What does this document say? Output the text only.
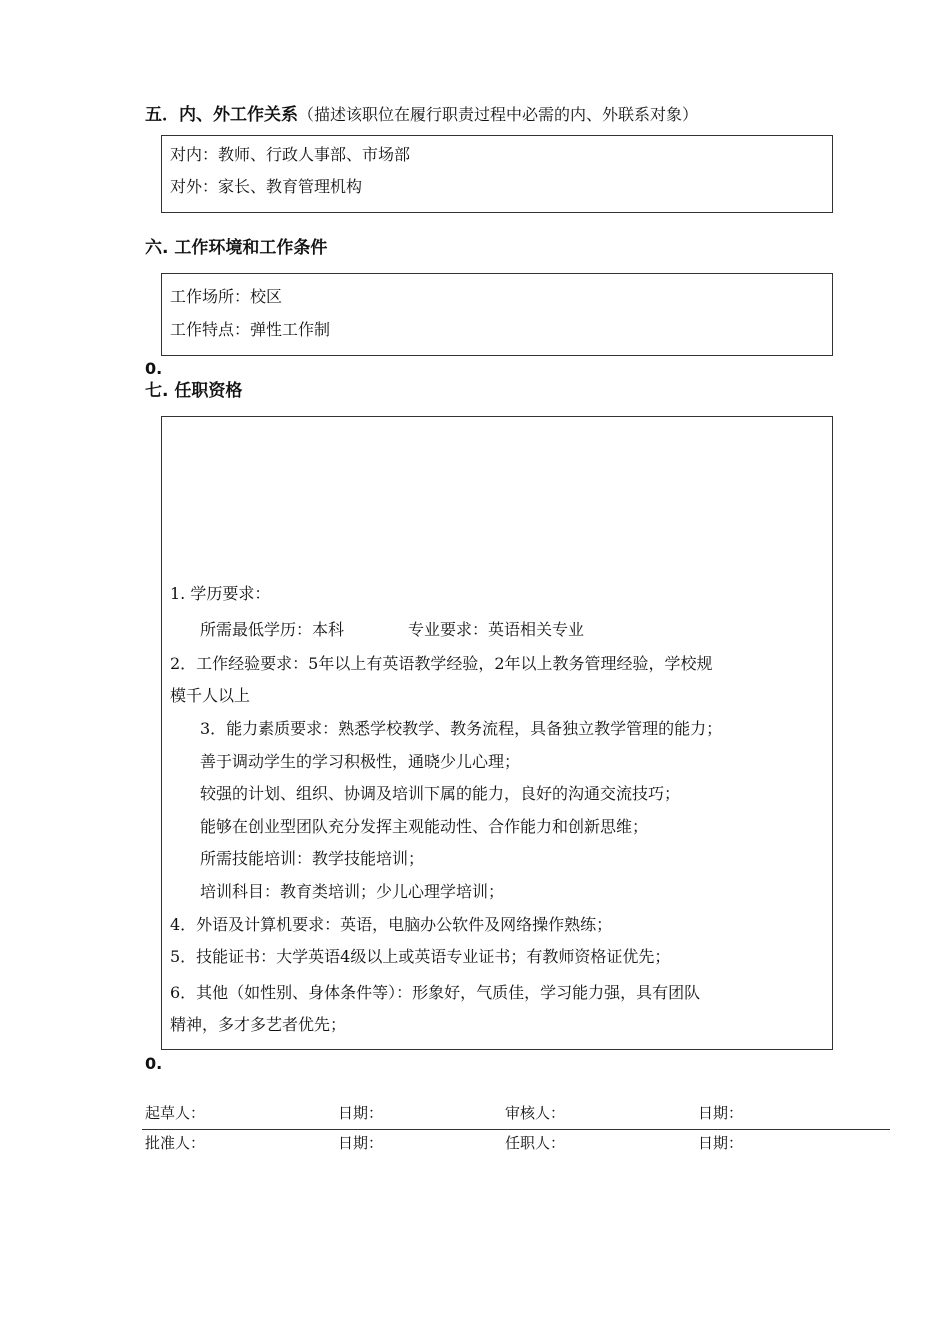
五．内、外工作关系（描述该职位在履行职责过程中必需的内、外联系对象）
对内：教师、行政人事部、市场部
对外：家长、教育管理机构
六. 工作环境和工作条件
工作场所：校区
工作特点：弹性工作制
0.
七. 任职资格
1. 学历要求：
所需最低学历：本科　　　　专业要求：英语相关专业
2．工作经验要求：5年以上有英语教学经验，2年以上教务管理经验，学校规
模千人以上
3．能力素质要求：熟悉学校教学、教务流程，具备独立教学管理的能力；
善于调动学生的学习积极性，通晓少儿心理；
较强的计划、组织、协调及培训下属的能力，良好的沟通交流技巧；
能够在创业型团队充分发挥主观能动性、合作能力和创新思维；
所需技能培训：教学技能培训；
培训科目：教育类培训；少儿心理学培训；
4．外语及计算机要求：英语，电脑办公软件及网络操作熟练；
5．技能证书：大学英语4级以上或英语专业证书；有教师资格证优先；
6．其他（如性别、身体条件等）：形象好，气质佳，学习能力强，具有团队
精神，多才多艺者优先；
0.
起草人：	日期：	审核人：	日期：
批准人：	日期：	任职人：	日期：
